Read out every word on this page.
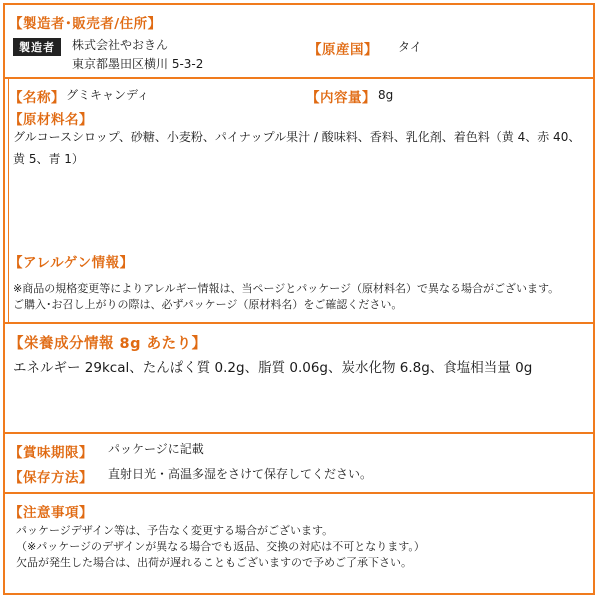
【製造者･販売者/住所】
製造者	株式会社やおきん
東京都墨田区横川 5-3-2
【原産国】 タイ
【名称】 グミキャンディ	【内容量】 8g
【原材料名】
グルコースシロップ、砂糖、小麦粉、パイナップル果汁 / 酸味料、香料、乳化剤、着色料（黄 4、赤 40、
黄 5、青 1）
【アレルゲン情報】
※商品の規格変更等によりアレルギー情報は、当ページとパッケージ（原材料名）で異なる場合がございます。
ご購入･お召し上がりの際は、必ずパッケージ（原材料名）をご確認ください。
【栄養成分情報 8g あたり】
エネルギー 29kcal、たんぱく質 0.2g、脂質 0.06g、炭水化物 6.8g、食塩相当量 0g
【賞味期限】 パッケージに記載
【保存方法】 直射日光・高温多湿をさけて保存してください。
【注意事項】
パッケージデザイン等は、予告なく変更する場合がございます。
（※パッケージのデザインが異なる場合でも返品、交換の対応は不可となります。）
欠品が発生した場合は、出荷が遅れることもございますので予めご了承下さい。
